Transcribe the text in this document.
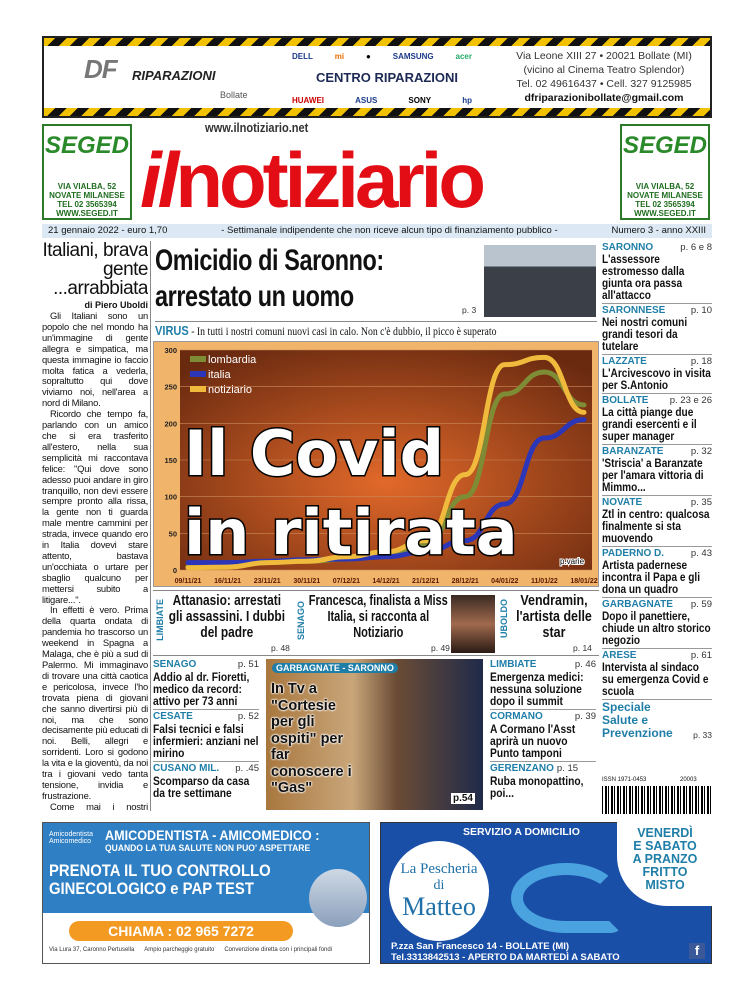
DF RIPARAZIONI
Bollate
DELL	mi	●	SAMSUNG	acer
CENTRO RIPARAZIONI
HUAWEI	ASUS	SONY	hp
Via Leone XIII 27 • 20021 Bollate (MI)
(vicino al Cinema Teatro Splendor)
Tel. 02 49616437 • Cell. 327 9125985
dfriparazionibollate@gmail.com
SEGED
VIA VIALBA, 52
NOVATE MILANESE
TEL 02 3565394
WWW.SEGED.IT
SEGED
VIA VIALBA, 52
NOVATE MILANESE
TEL 02 3565394
WWW.SEGED.IT
ilnotiziario
www.ilnotiziario.net
21 gennaio 2022 - euro 1,70	- Settimanale indipendente che non riceve alcun tipo di finanziamento pubblico -	Numero 3 - anno XXIII
Italiani, brava gente ...arrabbiata
di Piero Uboldi

Gli Italiani sono un popolo che nel mondo ha un'immagine di gente allegra e simpatica, ma questa immagine io faccio molta fatica a vederla, sopraltutto qui dove viviamo noi, nell'area a nord di Milano.

Ricordo che tempo fa, parlando con un amico che si era trasferito all'estero, nella sua semplicità mi raccontava felice: "Qui dove sono adesso puoi andare in giro tranquillo, non devi essere sempre pronto alla rissa, la gente non ti guarda male mentre cammini per strada, invece quando ero in Italia dovevi stare attento, bastava un'occhiata o urtare per sbaglio qualcuno per mettersi subito a litigare...".

In effetti è vero. Prima della quarta ondata di pandemia ho trascorso un weekend in Spagna a Malaga, che è più a sud di Palermo. Mi immaginavo di trovare una città caotica e pericolosa, invece l'ho trovata piena di giovani che sanno divertirsi più di noi, ma che sono decisamente più educati di noi. Belli, allegri e sorridenti. Loro si godono la vita e la gioventù, da noi tra i giovani vedo tanta tensione, invidia e frustrazione.

Come mai i nostri

Omicidio di Saronno: arrestato un uomo	p. 3
VIRUS - In tutti i nostri comuni nuovi casi in calo. Non c'è dubbio, il picco è superato
0
50
100
150
200
250
300
09/11/21 16/11/21 23/11/21 30/11/21 07/12/21 14/12/21 21/12/21 28/12/21 04/01/22 11/01/22 18/01/22
lombardia
italia
notiziario
Il Covid
in ritirata	p.varie
LIMBIATE Attanasio: arrestati gli assassini. I dubbi del padre
p. 48
SENAGO Francesca, finalista a Miss Italia, si racconta al Notiziario
p. 49
UBOLDO Vendramin, l'artista delle star
p. 14
SENAGO	p. 51
Addio al dr. Fioretti, medico da record: attivo per 73 anni
CESATE	p. 52
Falsi tecnici e falsi infermieri: anziani nel mirino
CUSANO MIL. p. .45
Scomparso da casa da tre settimane
GARBAGNATE - SARONNO
In Tv a "Cortesie per gli ospiti" per far conoscere i "Gas"
p.54
LIMBIATE	p. 46
Emergenza medici: nessuna soluzione dopo il summit
CORMANO	p. 39
A Cormano l'Asst aprirà un nuovo Punto tamponi
GERENZANO p. 15
Ruba monopattino, poi...
SARONNO	p. 6 e 8
L'assessore estromesso dalla giunta ora passa all'attacco
SARONNESE	p. 10
Nei nostri comuni grandi tesori da tutelare
LAZZATE	p. 18
L'Arcivescovo in visita per S.Antonio
BOLLATE p. 23 e 26
La città piange due grandi esercenti e il super manager
BARANZATE	p. 32
'Striscia' a Baranzate per l'amara vittoria di Mimmo...
NOVATE	p. 35
Ztl in centro: qualcosa finalmente si sta muovendo
PADERNO D.	p. 43
Artista padernese incontra il Papa e gli dona un quadro
GARBAGNATE p. 59
Dopo il panettiere, chiude un altro storico negozio
ARESE	p. 61
Intervista al sindaco su emergenza Covid e scuola
Speciale Salute e Prevenzione	p. 33
ISSN 1971-0453	20003
Amicodentista Amicomedico AMICODENTISTA - AMICOMEDICO :
QUANDO LA TUA SALUTE NON PUO' ASPETTARE
PRENOTA IL TUO CONTROLLO
GINECOLOGICO e PAP TEST
CHIAMA : 02 965 7272
Via Lura 37, Caronno Pertusella Ampio parcheggio gratuito Convenzione diretta con i principali fondi
SERVIZIO A DOMICILIO
La Pescheria
di
Matteo
VENERDÌ
E SABATO
A PRANZO
FRITTO
MISTO
P.zza San Francesco 14 - BOLLATE (MI)
Tel.3313842513 - APERTO DA MARTEDÌ A SABATO	f
